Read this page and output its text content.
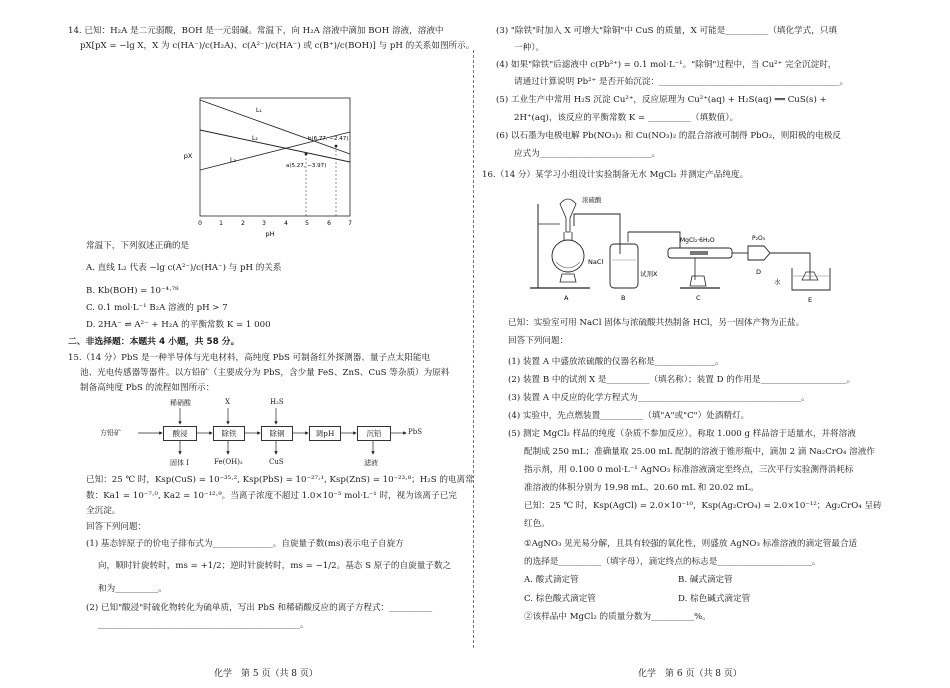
14. 已知：H₂A 是二元弱酸，BOH 是一元弱碱。常温下，向 H₂A 溶液中滴加 BOH 溶液，溶液中
pX[pX = −lg X，X 为 c(HA⁻)/c(H₂A)、c(A²⁻)/c(HA⁻) 或 c(B⁺)/c(BOH)] 与 pH 的关系如图所示。
0	1	2	3	4	5	6	7
pH
pX
L₁
L₂
L₃
a(5.27, −3.97)
b(6.77, −2.47)
常温下，下列叙述正确的是
A. 直线 L₂ 代表 −lg c(A²⁻)/c(HA⁻) 与 pH 的关系
B. Kb(BOH) = 10⁻⁴·⁷⁸
C. 0.1 mol·L⁻¹ B₂A 溶液的 pH > 7
D. 2HA⁻ ⇌ A²⁻ + H₂A 的平衡常数 K = 1 000
二、非选择题：本题共 4 小题，共 58 分。
15.（14 分）PbS 是一种半导体与光电材料，高纯度 PbS 可制备红外探测器、量子点太阳能电
池、光电传感器等器件。以方铅矿（主要成分为 PbS，含少量 FeS、ZnS、CuS 等杂质）为原料
制备高纯度 PbS 的流程如图所示：
方铅矿	酸浸	除铁	除铜	调pH	沉铅	PbS
稀硝酸	X	H₂S
固体 I	Fe(OH)₃	CuS	滤液
已知：25 ℃ 时，Ksp(CuS) = 10⁻³⁵·², Ksp(PbS) = 10⁻²⁷·¹, Ksp(ZnS) = 10⁻²³·⁸；H₂S 的电离常
数：Ka1 = 10⁻⁷·⁰, Ka2 = 10⁻¹²·⁹。当离子浓度不超过 1.0×10⁻⁵ mol·L⁻¹ 时，视为该离子已完
全沉淀。
回答下列问题：
(1) 基态锌原子的价电子排布式为______________。自旋量子数(ms)表示电子自旋方
向，顺时针旋转时，ms = +1/2；逆时针旋转时，ms = −1/2。基态 S 原子的自旋量子数之
和为__________。
(2) 已知"酸浸"时硫化物转化为硫单质，写出 PbS 和稀硝酸反应的离子方程式：__________
_______________________________________________。
化学　第 5 页（共 8 页）
(3) "除铁"时加入 X 可增大"除铜"中 CuS 的质量，X 可能是__________（填化学式，只填
一种）。
(4) 如果"除铁"后滤液中 c(Pb²⁺) = 0.1 mol·L⁻¹。"除铜"过程中，当 Cu²⁺ 完全沉淀时，
请通过计算说明 Pb²⁺ 是否开始沉淀：__________________________________________。
(5) 工业生产中常用 H₂S 沉淀 Cu²⁺，反应原理为 Cu²⁺(aq) + H₂S(aq) ══ CuS(s) +
2H⁺(aq)，该反应的平衡常数 K = __________（填数值）。
(6) 以石墨为电极电解 Pb(NO₃)₂ 和 Cu(NO₃)₂ 的混合溶液可制得 PbO₂，则阳极的电极反
应式为__________________________。
16.（14 分）某学习小组设计实验制备无水 MgCl₂ 并测定产品纯度。
浓硫酸
NaCl
试剂X
MgCl₂·6H₂O	P₂O₅
水
A	B	C
D
E
已知：实验室可用 NaCl 固体与浓硫酸共热制备 HCl，另一固体产物为正盐。
回答下列问题：
(1) 装置 A 中盛放浓硫酸的仪器名称是______________。
(2) 装置 B 中的试剂 X 是__________（填名称）；装置 D 的作用是____________________。
(3) 装置 A 中反应的化学方程式为______________________________________。
(4) 实验中，先点燃装置__________（填"A"或"C"）处酒精灯。
(5) 测定 MgCl₂ 样品的纯度（杂质不参加反应）。称取 1.000 g 样品溶于适量水，并将溶液
配制成 250 mL；准确量取 25.00 mL 配制的溶液于锥形瓶中，滴加 2 滴 Na₂CrO₄ 溶液作
指示剂，用 0.100 0 mol·L⁻¹ AgNO₃ 标准溶液滴定至终点，三次平行实验测得消耗标
准溶液的体积分别为 19.98 mL、20.60 mL 和 20.02 mL。
已知：25 ℃ 时，Ksp(AgCl) = 2.0×10⁻¹⁰，Ksp(Ag₂CrO₄) = 2.0×10⁻¹²；Ag₂CrO₄ 呈砖
红色。
①AgNO₃ 见光易分解，且具有较强的氧化性，则盛放 AgNO₃ 标准溶液的滴定管最合适
的选择是__________（填字母），滴定终点的标志是______________________。
A. 酸式滴定管	B. 碱式滴定管
C. 棕色酸式滴定管	D. 棕色碱式滴定管
②该样品中 MgCl₂ 的质量分数为__________%。
化学　第 6 页（共 8 页）
